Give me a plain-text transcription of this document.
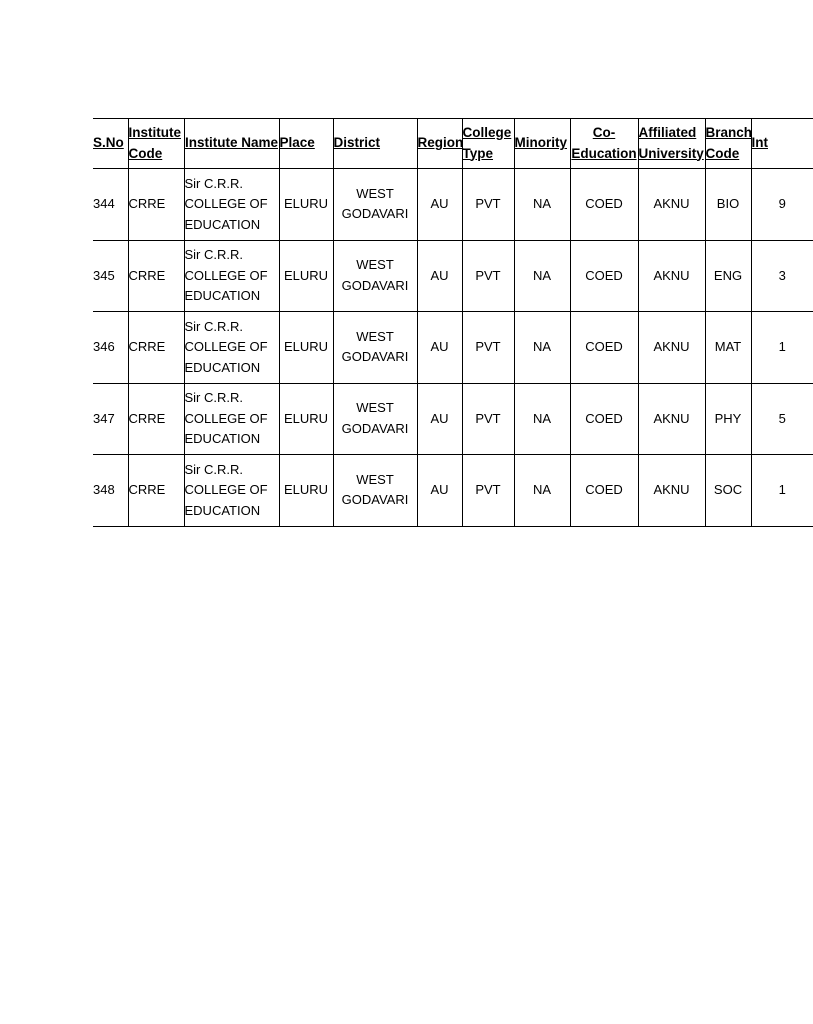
S.No	Institute Code	Institute Name	Place	District	Region	College Type	Minority	Co-Education	Affiliated University	Branch Code	Int
344	CRRE	Sir C.R.R. COLLEGE OF EDUCATION	ELURU	WEST GODAVARI	AU	PVT	NA	COED	AKNU	BIO	9
345	CRRE	Sir C.R.R. COLLEGE OF EDUCATION	ELURU	WEST GODAVARI	AU	PVT	NA	COED	AKNU	ENG	3
346	CRRE	Sir C.R.R. COLLEGE OF EDUCATION	ELURU	WEST GODAVARI	AU	PVT	NA	COED	AKNU	MAT	1
347	CRRE	Sir C.R.R. COLLEGE OF EDUCATION	ELURU	WEST GODAVARI	AU	PVT	NA	COED	AKNU	PHY	5
348	CRRE	Sir C.R.R. COLLEGE OF EDUCATION	ELURU	WEST GODAVARI	AU	PVT	NA	COED	AKNU	SOC	1
